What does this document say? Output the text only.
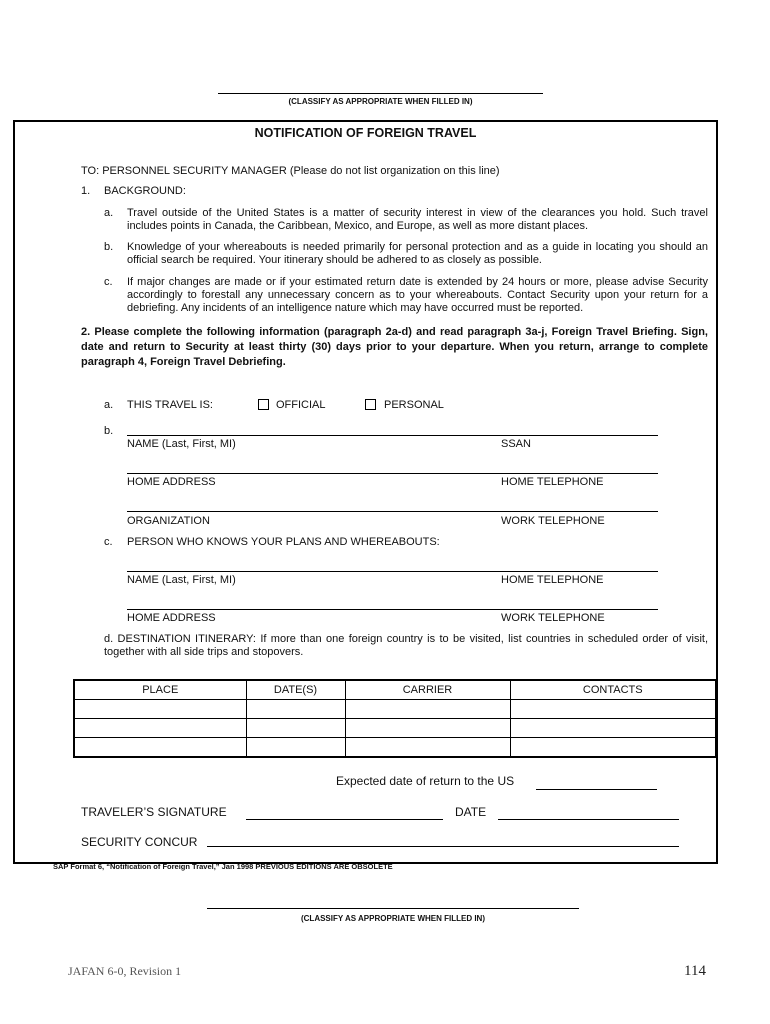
(CLASSIFY AS APPROPRIATE WHEN FILLED IN)
NOTIFICATION OF FOREIGN TRAVEL
TO: PERSONNEL SECURITY MANAGER (Please do not list organization on this line)
1. BACKGROUND:
a. Travel outside of the United States is a matter of security interest in view of the clearances you hold. Such travel includes points in Canada, the Caribbean, Mexico, and Europe, as well as more distant places.
b. Knowledge of your whereabouts is needed primarily for personal protection and as a guide in locating you should an official search be required. Your itinerary should be adhered to as closely as possible.
c. If major changes are made or if your estimated return date is extended by 24 hours or more, please advise Security accordingly to forestall any unnecessary concern as to your whereabouts. Contact Security upon your return for a debriefing. Any incidents of an intelligence nature which may have occurred must be reported.
2. Please complete the following information (paragraph 2a-d) and read paragraph 3a-j, Foreign Travel Briefing. Sign, date and return to Security at least thirty (30) days prior to your departure. When you return, arrange to complete paragraph 4, Foreign Travel Debriefing.
a. THIS TRAVEL IS:	OFFICIAL	PERSONAL
b.
NAME (Last, First, MI)	SSAN
HOME ADDRESS	HOME TELEPHONE
ORGANIZATION	WORK TELEPHONE
c. PERSON WHO KNOWS YOUR PLANS AND WHEREABOUTS:
NAME (Last, First, MI)	HOME TELEPHONE
HOME ADDRESS	WORK TELEPHONE
d. DESTINATION ITINERARY: If more than one foreign country is to be visited, list countries in scheduled order of visit, together with all side trips and stopovers.
PLACE	DATE(S)	CARRIER	CONTACTS

Expected date of return to the US
TRAVELER’S SIGNATURE	DATE
SECURITY CONCUR
SAP Format 6, “Notification of Foreign Travel,” Jan 1998 PREVIOUS EDITIONS ARE OBSOLETE
(CLASSIFY AS APPROPRIATE WHEN FILLED IN)
JAFAN 6-0, Revision 1	114
